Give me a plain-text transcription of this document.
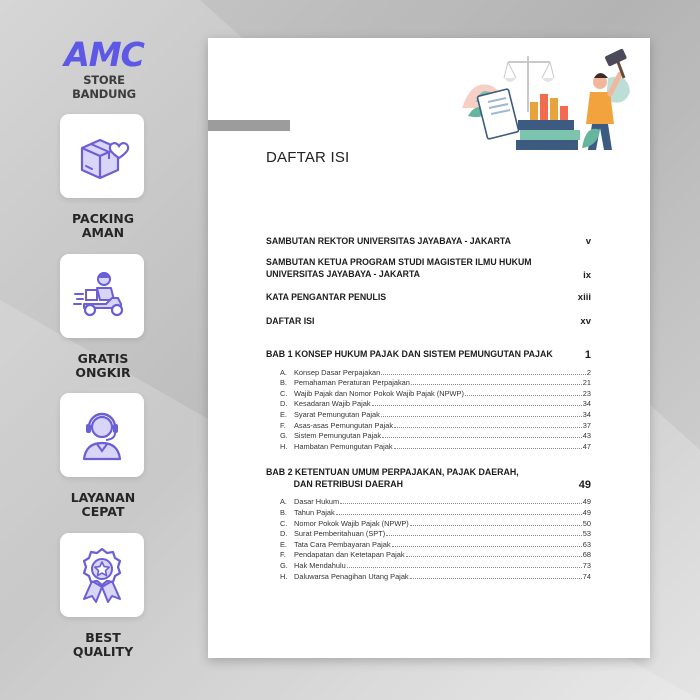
AMC
STORE BANDUNG
PACKING
AMAN
GRATIS
ONGKIR
LAYANAN
CEPAT
BEST
QUALITY
DAFTAR ISI
SAMBUTAN REKTOR UNIVERSITAS JAYABAYA - JAKARTA	v
SAMBUTAN KETUA PROGRAM STUDI MAGISTER ILMU HUKUM
UNIVERSITAS JAYABAYA - JAKARTA	ix
KATA PENGANTAR PENULIS	xiii
DAFTAR ISI	xv
BAB 1 KONSEP HUKUM PAJAK DAN SISTEM PEMUNGUTAN PAJAK	1
A. Konsep Dasar Perpajakan	2
B. Pemahaman Peraturan Perpajakan	21
C. Wajib Pajak dan Nomor Pokok Wajib Pajak (NPWP)	23
D. Kesadaran Wajib Pajak	34
E. Syarat Pemungutan Pajak	34
F.	Asas-asas Pemungutan Pajak	37
G. Sistem Pemungutan Pajak	43
H. Hambatan Pemungutan Pajak	47
BAB 2 KETENTUAN UMUM PERPAJAKAN, PAJAK DAERAH,
DAN RETRIBUSI DAERAH	49
A. Dasar Hukum	49
B. Tahun Pajak	49
C. Nomor Pokok Wajib Pajak (NPWP)	50
D. Surat Pemberitahuan (SPT)	53
E. Tata Cara Pembayaran Pajak	63
F.	Pendapatan dan Ketetapan Pajak	68
G. Hak Mendahulu	73
H. Daluwarsa Penagihan Utang Pajak	74
